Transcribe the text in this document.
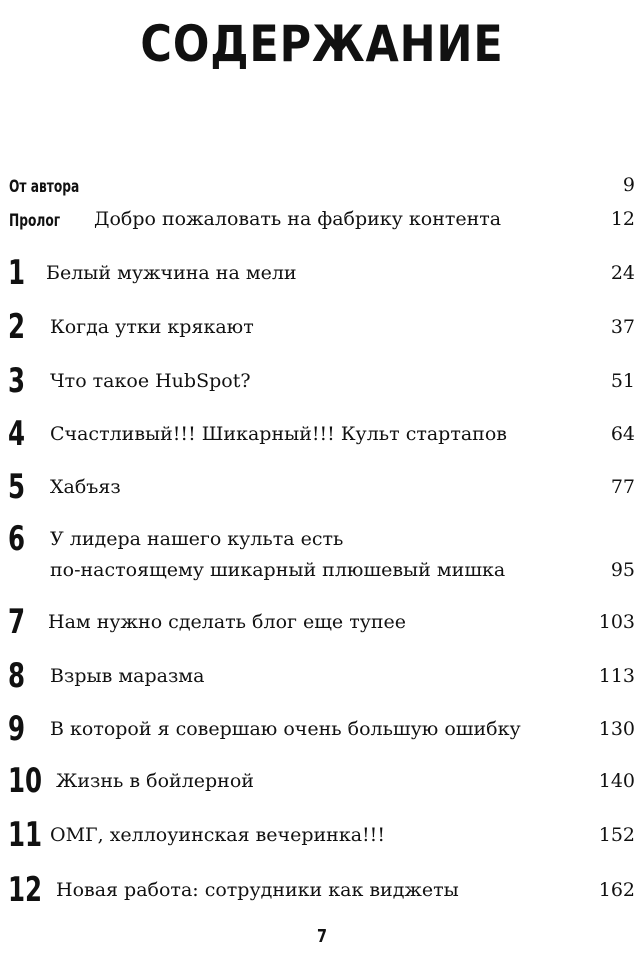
СОДЕРЖАНИЕ
От автора	9
Пролог Добро пожаловать на фабрику контента	12
1 Белый мужчина на мели	24
2 Когда утки крякают	37
3 Что такое HubSpot?	51
4 Счастливый!!! Шикарный!!! Культ стартапов	64
5 Хабъяз	77
6 У лидера нашего культа есть
по-настоящему шикарный плюшевый мишка	95
7 Нам нужно сделать блог еще тупее	103
8 Взрыв маразма	113
9 В которой я совершаю очень большую ошибку	130
10 Жизнь в бойлерной	140
11 ОМГ, хеллоуинская вечеринка!!!	152
12 Новая работа: сотрудники как виджеты	162
7
